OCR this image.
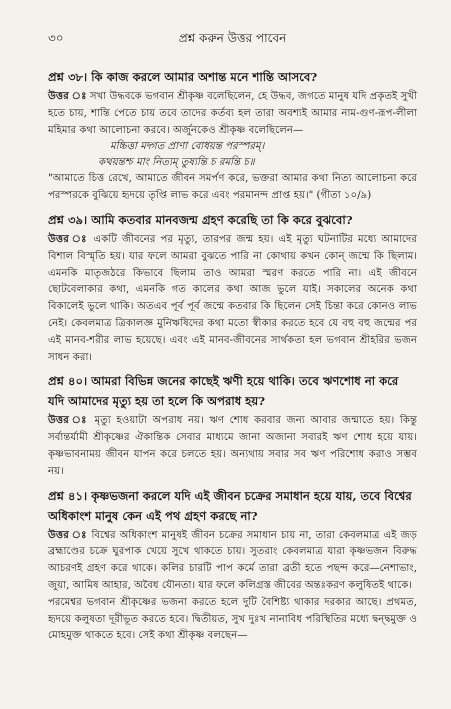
৩০	প্রশ্ন করুন উত্তর পাবেন
প্রশ্ন ৩৮। কি কাজ করলে আমার অশান্ত মনে শান্তি আসবে?

উত্তর ঃ সখা উদ্ধবকে ভগবান শ্রীকৃষ্ণ বলেছিলেন, হে উদ্ধব, জগতে মানুষ যদি প্রকৃতই সুখী হতে চায়, শান্তি পেতে চায় তবে তাদের কর্তব্য হল তারা অবশ্যই আমার নাম-গুণ-রূপ-লীলা মহিমার কথা আলোচনা করবে। অর্জুনকেও শ্রীকৃষ্ণ বলেছিলেন—

মচ্চিত্তা মদ্গত প্রাণা বোধয়ন্ত পরস্পরম্।
কথয়ন্তশ্চ মাং নিত্যম্ তুষ্যন্তি চ রমন্তি চ॥

"আমাতে চিত্ত রেখে, আমাতে জীবন সমর্পণ করে, ভক্তরা আমার কথা নিত্য আলোচনা করে পরস্পরকে বুঝিয়ে হৃদয়ে তৃপ্তি লাভ করে এবং পরমানন্দ প্রাপ্ত হয়।" (গীতা ১০/৯)

প্রশ্ন ৩৯। আমি কতবার মানবজন্ম গ্রহণ করেছি তা কি করে বুঝবো?

উত্তর ঃ একটি জীবনের পর মৃত্যু, তারপর জন্ম হয়। এই মৃত্যু ঘটনাটির মধ্যে আমাদের বিশাল বিস্মৃতি হয়। যার ফলে আমরা বুঝতে পারি না কোথায় কখন কোন্ জন্মে কি ছিলাম। এমনকি মাতৃজঠরে কিভাবে ছিলাম তাও আমরা স্মরণ করতে পারি না। এই জীবনে ছোটবেলাকার কথা, এমনকি গত কালের কথা আজ ভুলে যাই। সকালের অনেক কথা বিকালেই ভুলে থাকি। অতএব পূর্ব পূর্ব জন্মে কতবার কি ছিলেন সেই চিন্তা করে কোনও লাভ নেই। কেবলমাত্র ত্রিকালজ্ঞ মুনিঋষিদের কথা মতো স্বীকার করতে হবে যে বহু বহু জন্মের পর এই মানব-শরীর লাভ হয়েছে। এবং এই মানব-জীবনের সার্থকতা হল ভগবান শ্রীহরির ভজন সাধন করা।

প্রশ্ন ৪০। আমরা বিভিন্ন জনের কাছেই ঋণী হয়ে থাকি। তবে ঋণশোধ না করে যদি আমাদের মৃত্যু হয় তা হলে কি অপরাধ হয়?

উত্তর ঃ মৃত্যু হওয়াটা অপরাধ নয়। ঋণ শোধ করবার জন্য আবার জন্মাতে হয়। কিন্তু সর্বান্তর্যামী শ্রীকৃষ্ণের ঐকান্তিক সেবার মাধ্যমে জানা অজানা সবারই ঋণ শোধ হয়ে যায়। কৃষ্ণভাবনাময় জীবন যাপন করে চলতে হয়। অন্যথায় সবার সব ঋণ পরিশোধ করাও সম্ভব নয়।

প্রশ্ন ৪১। কৃষ্ণভজনা করলে যদি এই জীবন চক্রের সমাধান হয়ে যায়, তবে বিশ্বের অধিকাংশ মানুষ কেন এই পথ গ্রহণ করছে না?

উত্তর ঃ বিশ্বের অধিকাংশ মানুষই জীবন চক্রের সমাধান চায় না, তারা কেবলমাত্র এই জড় ব্রহ্মাণ্ডের চক্রে ঘুরপাক খেয়ে সুখে থাকতে চায়। সুতরাং কেবলমাত্র যারা কৃষ্ণভজন বিরুদ্ধ আচরণই গ্রহণ করে থাকে। কলির চারটি পাপ কর্মে তারা ব্রতী হতে পছন্দ করে—নেশাভাং, জুয়া, আমিষ আহার, অবৈধ যৌনতা। যার ফলে কলিগ্রস্ত জীবের অন্তঃকরণ কলুষিতই থাকে।

পরমেশ্বর ভগবান শ্রীকৃষ্ণের ভজনা করতে হলে দুটি বৈশিষ্ট্য থাকার দরকার আছে। প্রথমত, হৃদয়ে কলুষতা দূরীভূত করতে হবে। দ্বিতীয়ত, সুখ দুঃখ নানাবিধ পরিস্থিতির মধ্যে দ্বন্দ্বমুক্ত ও মোহমুক্ত থাকতে হবে। সেই কথা শ্রীকৃষ্ণ বলছেন—
